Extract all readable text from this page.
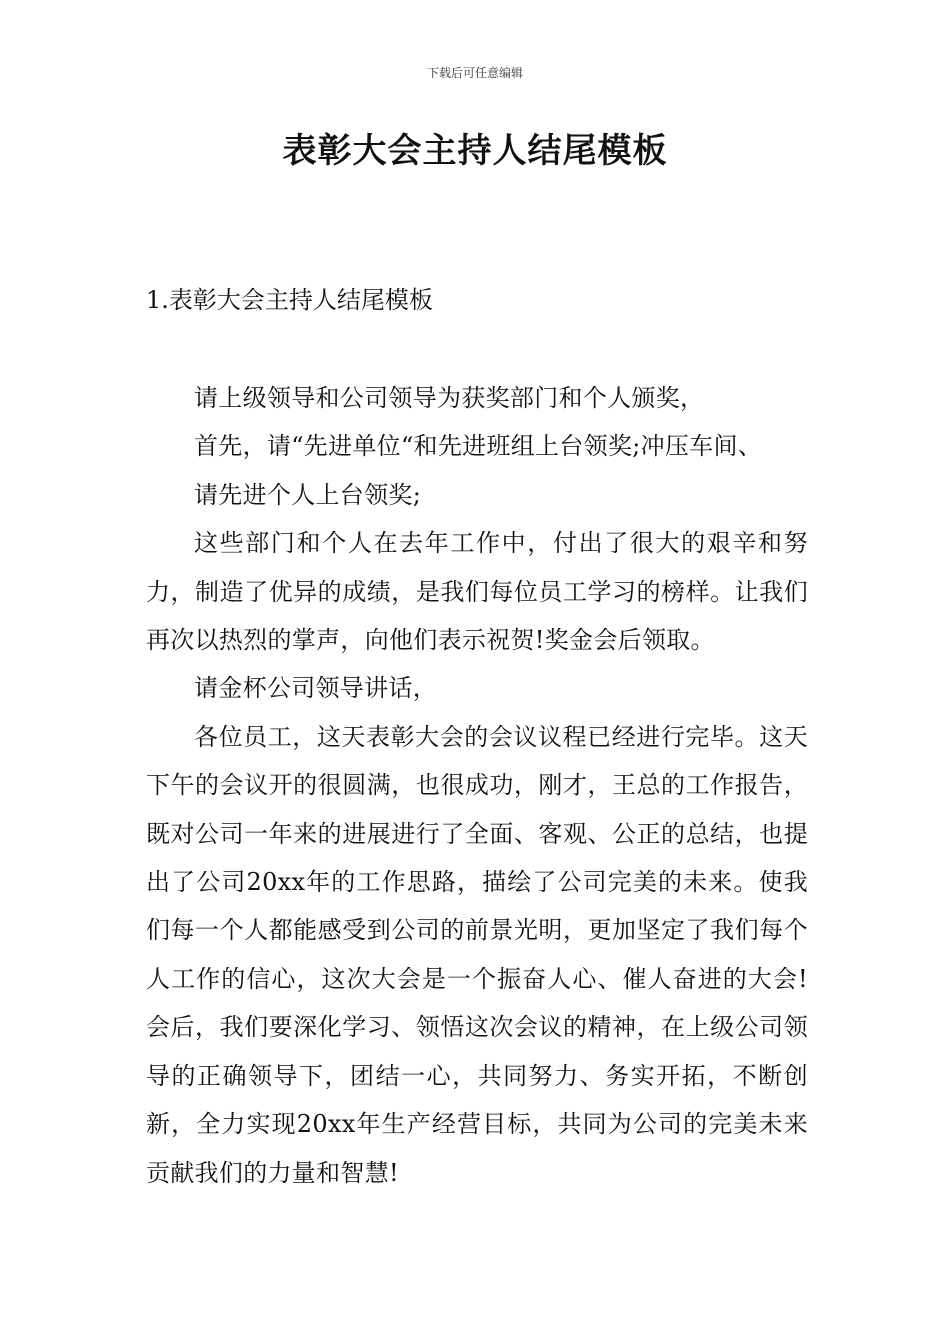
下载后可任意编辑
表彰大会主持人结尾模板
1.表彰大会主持人结尾模板

请上级领导和公司领导为获奖部门和个人颁奖，

首先，请“先进单位“和先进班组上台领奖;冲压车间、

请先进个人上台领奖;

这些部门和个人在去年工作中，付出了很大的艰辛和努力，制造了优异的成绩，是我们每位员工学习的榜样。让我们再次以热烈的掌声，向他们表示祝贺!奖金会后领取。

请金杯公司领导讲话，

各位员工，这天表彰大会的会议议程已经进行完毕。这天下午的会议开的很圆满，也很成功，刚才，王总的工作报告，既对公司一年来的进展进行了全面、客观、公正的总结，也提出了公司20xx年的工作思路，描绘了公司完美的未来。使我们每一个人都能感受到公司的前景光明，更加坚定了我们每个人工作的信心，这次大会是一个振奋人心、催人奋进的大会!会后，我们要深化学习、领悟这次会议的精神，在上级公司领导的正确领导下，团结一心，共同努力、务实开拓，不断创新，全力实现20xx年生产经营目标，共同为公司的完美未来贡献我们的力量和智慧!
